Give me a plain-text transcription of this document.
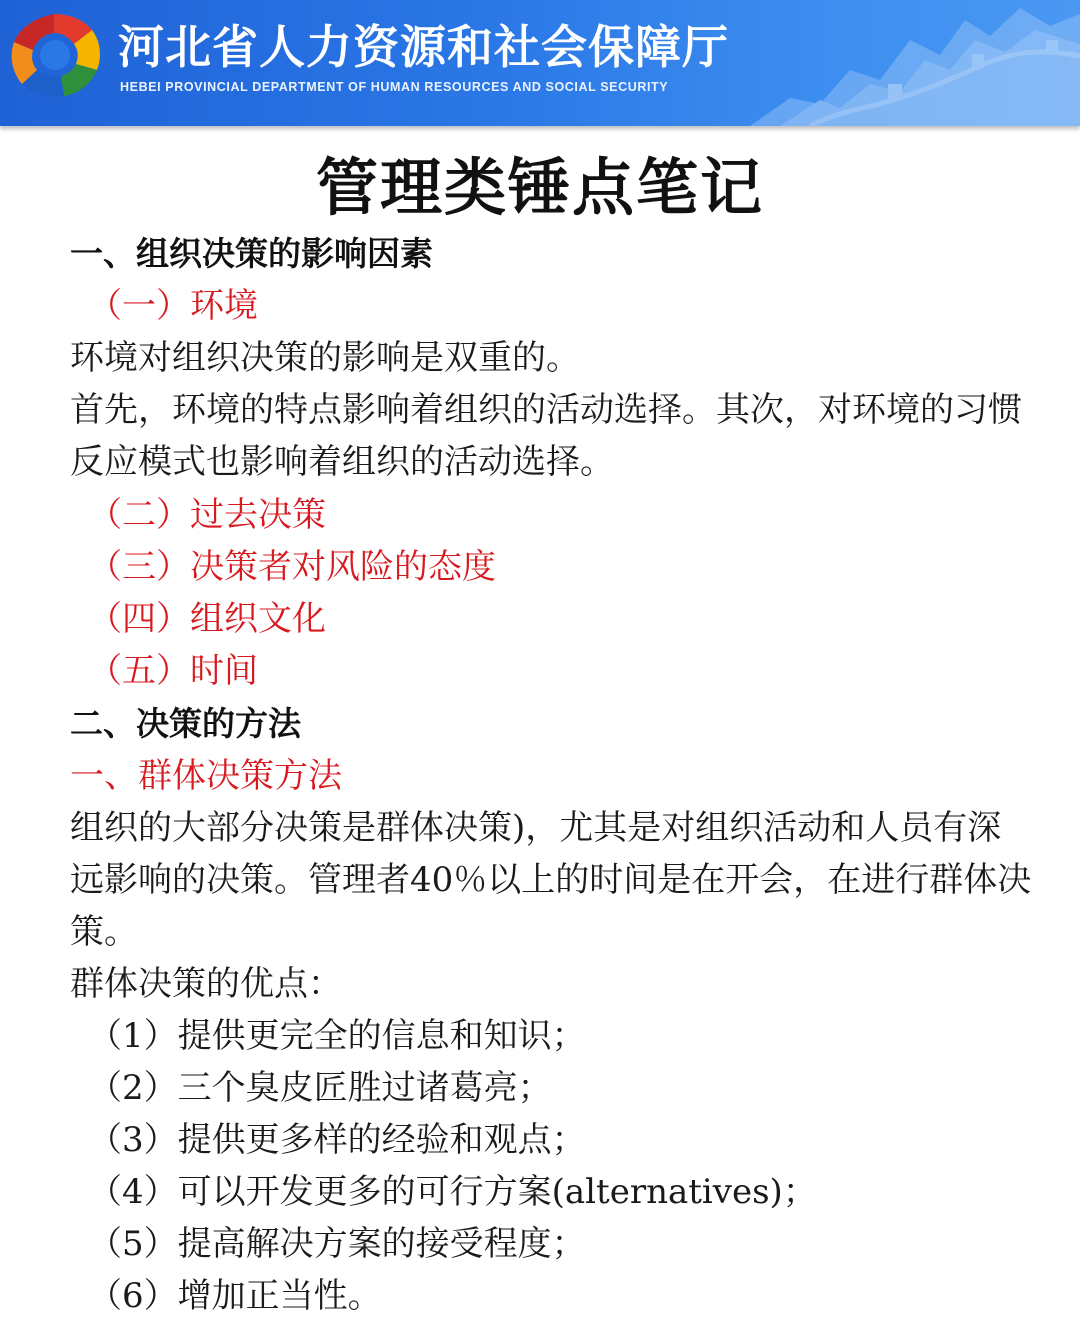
河北省人力资源和社会保障厅
HEBEI PROVINCIAL DEPARTMENT OF HUMAN RESOURCES AND SOCIAL SECURITY
管理类锤点笔记
一、组织决策的影响因素
（一）环境
环境对组织决策的影响是双重的。
首先，环境的特点影响着组织的活动选择。其次，对环境的习惯
反应模式也影响着组织的活动选择。
（二）过去决策
（三）决策者对风险的态度
（四）组织文化
（五）时间
二、决策的方法
一、群体决策方法
组织的大部分决策是群体决策)，尤其是对组织活动和人员有深
远影响的决策。管理者40％以上的时间是在开会，在进行群体决
策。
群体决策的优点：
（1）提供更完全的信息和知识；
（2）三个臭皮匠胜过诸葛亮；
（3）提供更多样的经验和观点；
（4）可以开发更多的可行方案(alternatives)；
（5）提高解决方案的接受程度；
（6）增加正当性。
